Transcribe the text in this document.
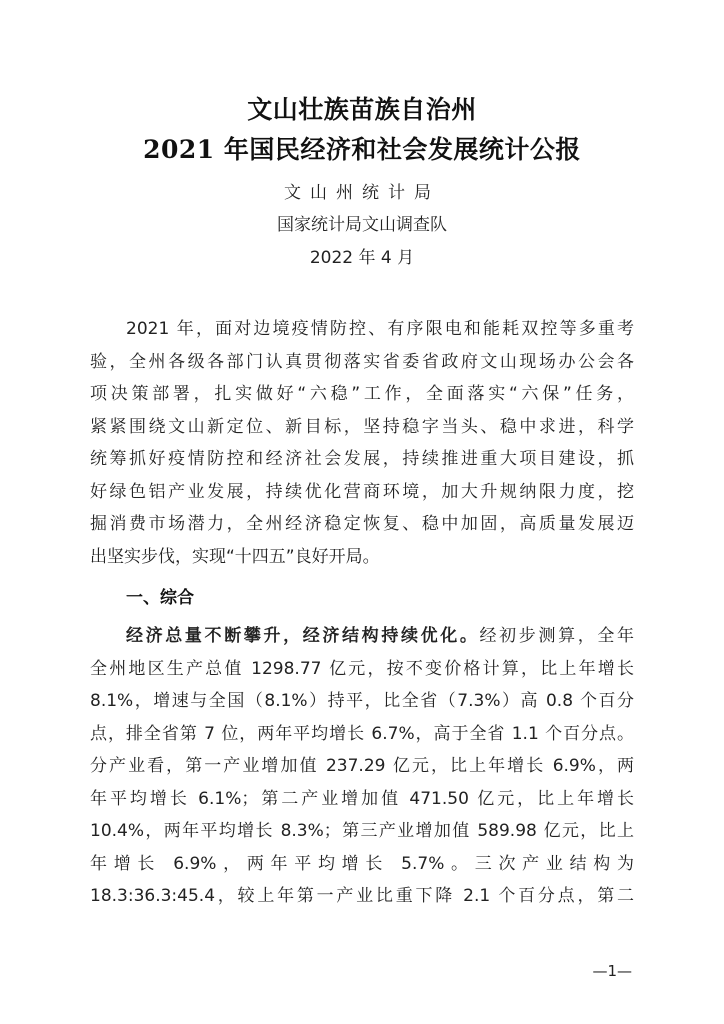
文山壮族苗族自治州
2021 年国民经济和社会发展统计公报
文山州统计局
国家统计局文山调查队
2022 年 4 月
2021 年，面对边境疫情防控、有序限电和能耗双控等多重考
验，全州各级各部门认真贯彻落实省委省政府文山现场办公会各
项决策部署，扎实做好“六稳”工作，全面落实“六保”任务，
紧紧围绕文山新定位、新目标，坚持稳字当头、稳中求进，科学
统筹抓好疫情防控和经济社会发展，持续推进重大项目建设，抓
好绿色铝产业发展，持续优化营商环境，加大升规纳限力度，挖
掘消费市场潜力，全州经济稳定恢复、稳中加固，高质量发展迈
出坚实步伐，实现“十四五”良好开局。
一、综合
经济总量不断攀升，经济结构持续优化。经初步测算，全年
全州地区生产总值 1298.77 亿元，按不变价格计算，比上年增长
8.1%，增速与全国（8.1%）持平，比全省（7.3%）高 0.8 个百分
点，排全省第 7 位，两年平均增长 6.7%，高于全省 1.1 个百分点。
分产业看，第一产业增加值 237.29 亿元，比上年增长 6.9%，两
年平均增长 6.1%；第二产业增加值 471.50 亿元，比上年增长
10.4%，两年平均增长 8.3%；第三产业增加值 589.98 亿元，比上
年增长 6.9%，两年平均增长 5.7%。三次产业结构为
18.3:36.3:45.4，较上年第一产业比重下降 2.1 个百分点，第二
—1—
